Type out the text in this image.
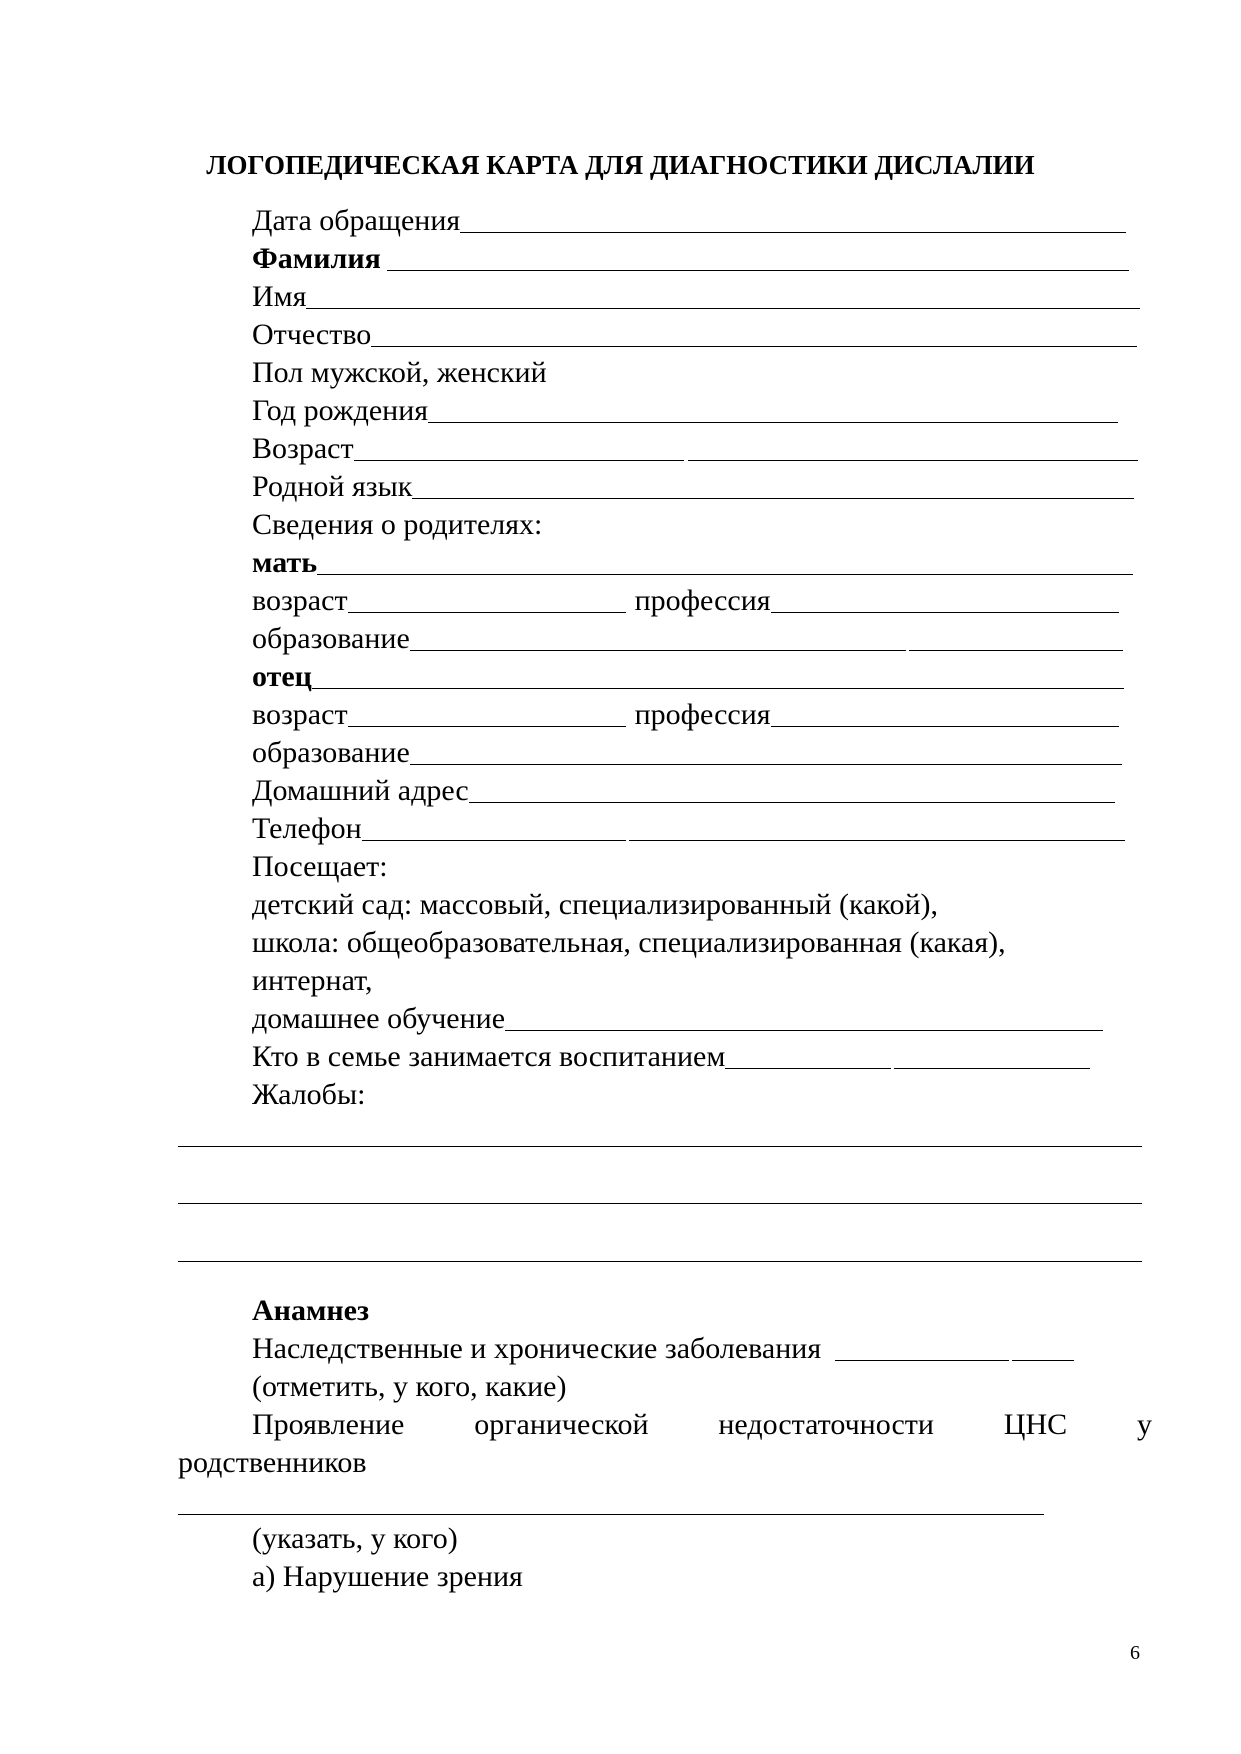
ЛОГОПЕДИЧЕСКАЯ КАРТА ДЛЯ ДИАГНОСТИКИ ДИСЛАЛИИ
Дата обращения
Фамилия
Имя
Отчество
Пол мужской, женский
Год рождения
Возраст
Родной язык
Сведения о родителях:
мать
возраст	профессия
образование
отец
возраст	профессия
образование
Домашний адрес
Телефон
Посещает:
детский сад: массовый, специализированный (какой),
школа: общеобразовательная, специализированная (какая),
интернат,
домашнее обучение
Кто в семье занимается воспитанием
Жалобы:
Анамнез
Наследственные и хронические заболевания
(отметить, у кого, какие)
Проявление органической недостаточности ЦНС у
родственников
(указать, у кого)
а) Нарушение зрения
6
